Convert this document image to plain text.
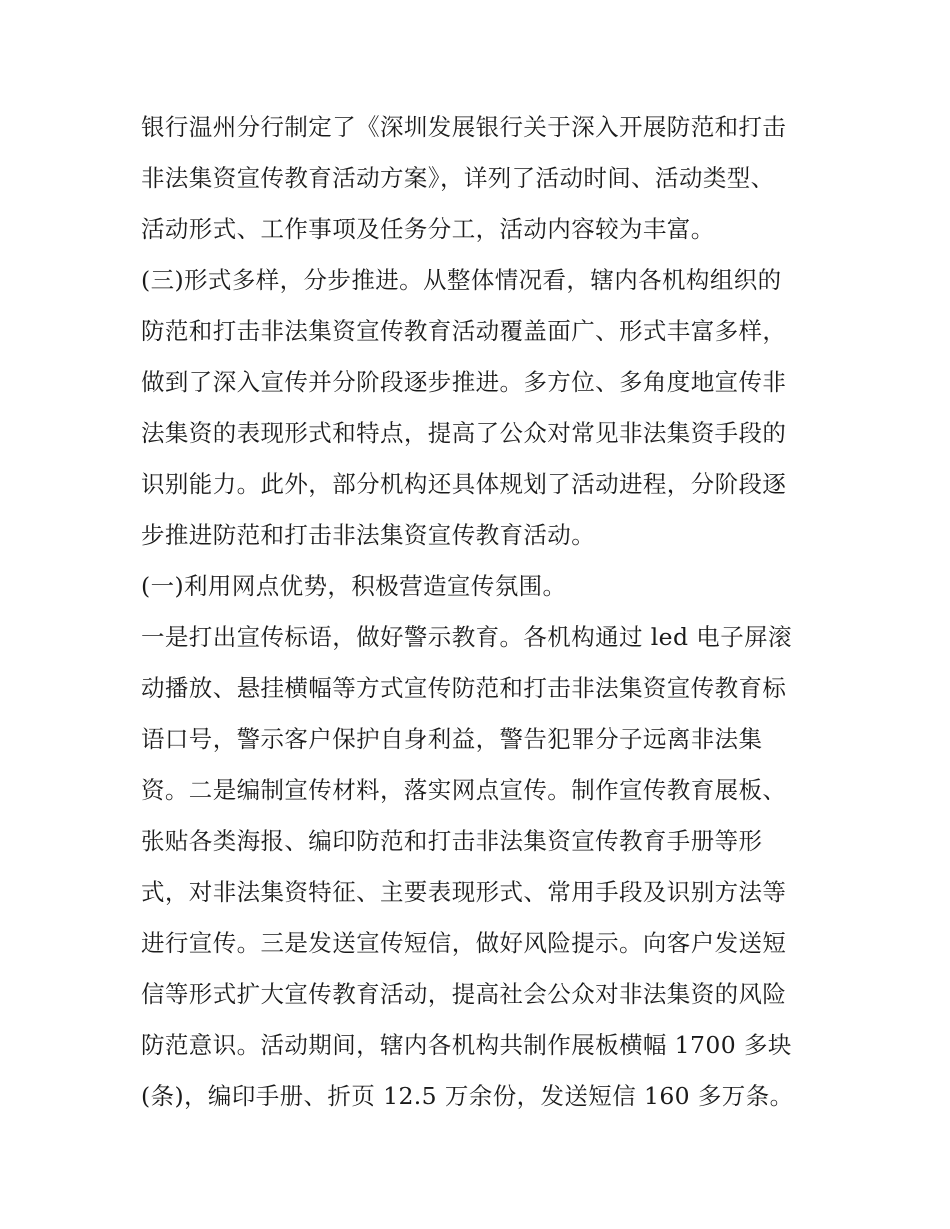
银行温州分行制定了《深圳发展银行关于深入开展防范和打击
非法集资宣传教育活动方案》，详列了活动时间、活动类型、
活动形式、工作事项及任务分工，活动内容较为丰富。
(三)形式多样，分步推进。从整体情况看，辖内各机构组织的
防范和打击非法集资宣传教育活动覆盖面广、形式丰富多样，
做到了深入宣传并分阶段逐步推进。多方位、多角度地宣传非
法集资的表现形式和特点，提高了公众对常见非法集资手段的
识别能力。此外，部分机构还具体规划了活动进程，分阶段逐
步推进防范和打击非法集资宣传教育活动。
(一)利用网点优势，积极营造宣传氛围。
一是打出宣传标语，做好警示教育。各机构通过 led 电子屏滚
动播放、悬挂横幅等方式宣传防范和打击非法集资宣传教育标
语口号，警示客户保护自身利益，警告犯罪分子远离非法集
资。二是编制宣传材料，落实网点宣传。制作宣传教育展板、
张贴各类海报、编印防范和打击非法集资宣传教育手册等形
式，对非法集资特征、主要表现形式、常用手段及识别方法等
进行宣传。三是发送宣传短信，做好风险提示。向客户发送短
信等形式扩大宣传教育活动，提高社会公众对非法集资的风险
防范意识。活动期间，辖内各机构共制作展板横幅 1700 多块
(条)，编印手册、折页 12.5 万余份，发送短信 160 多万条。
